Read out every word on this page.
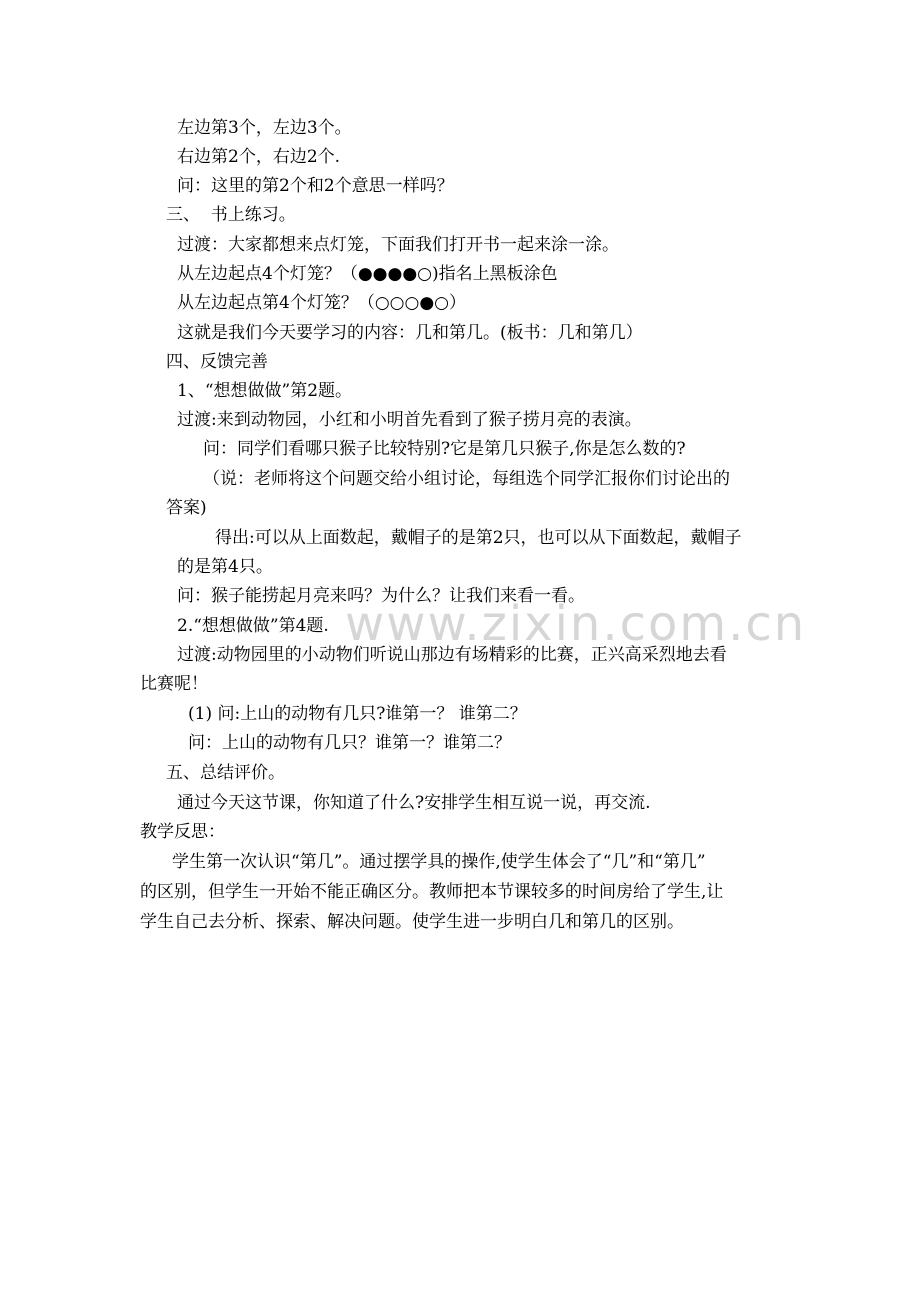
左边第3个，左边3个。

右边第2个，右边2个.

问：这里的第2个和2个意思一样吗？

三、  书上练习。

过渡：大家都想来点灯笼，下面我们打开书一起来涂一涂。

从左边起点4个灯笼？（●●●●○)指名上黑板涂色

从左边起点第4个灯笼？（○○○●○）

这就是我们今天要学习的内容：几和第几。(板书：几和第几）

四、反馈完善

1、“想想做做”第2题。

过渡:来到动物园，小红和小明首先看到了猴子捞月亮的表演。

问：同学们看哪只猴子比较特别?它是第几只猴子,你是怎么数的?

（说：老师将这个问题交给小组讨论，每组选个同学汇报你们讨论出的

答案)

得出:可以从上面数起，戴帽子的是第2只，也可以从下面数起，戴帽子

的是第4只。

问：猴子能捞起月亮来吗？为什么？让我们来看一看。

2.“想想做做”第4题.

过渡:动物园里的小动物们听说山那边有场精彩的比赛，正兴高采烈地去看

比赛呢！

(1) 问:上山的动物有几只?谁第一？ 谁第二？

问：上山的动物有几只？谁第一？谁第二？

五、总结评价。

通过今天这节课，你知道了什么?安排学生相互说一说，再交流.

教学反思：

学生第一次认识“第几”。通过摆学具的操作,使学生体会了“几”和“第几”

的区别，但学生一开始不能正确区分。教师把本节课较多的时间房给了学生,让

学生自己去分析、探索、解决问题。使学生进一步明白几和第几的区别。

www.zixin.com.cn
